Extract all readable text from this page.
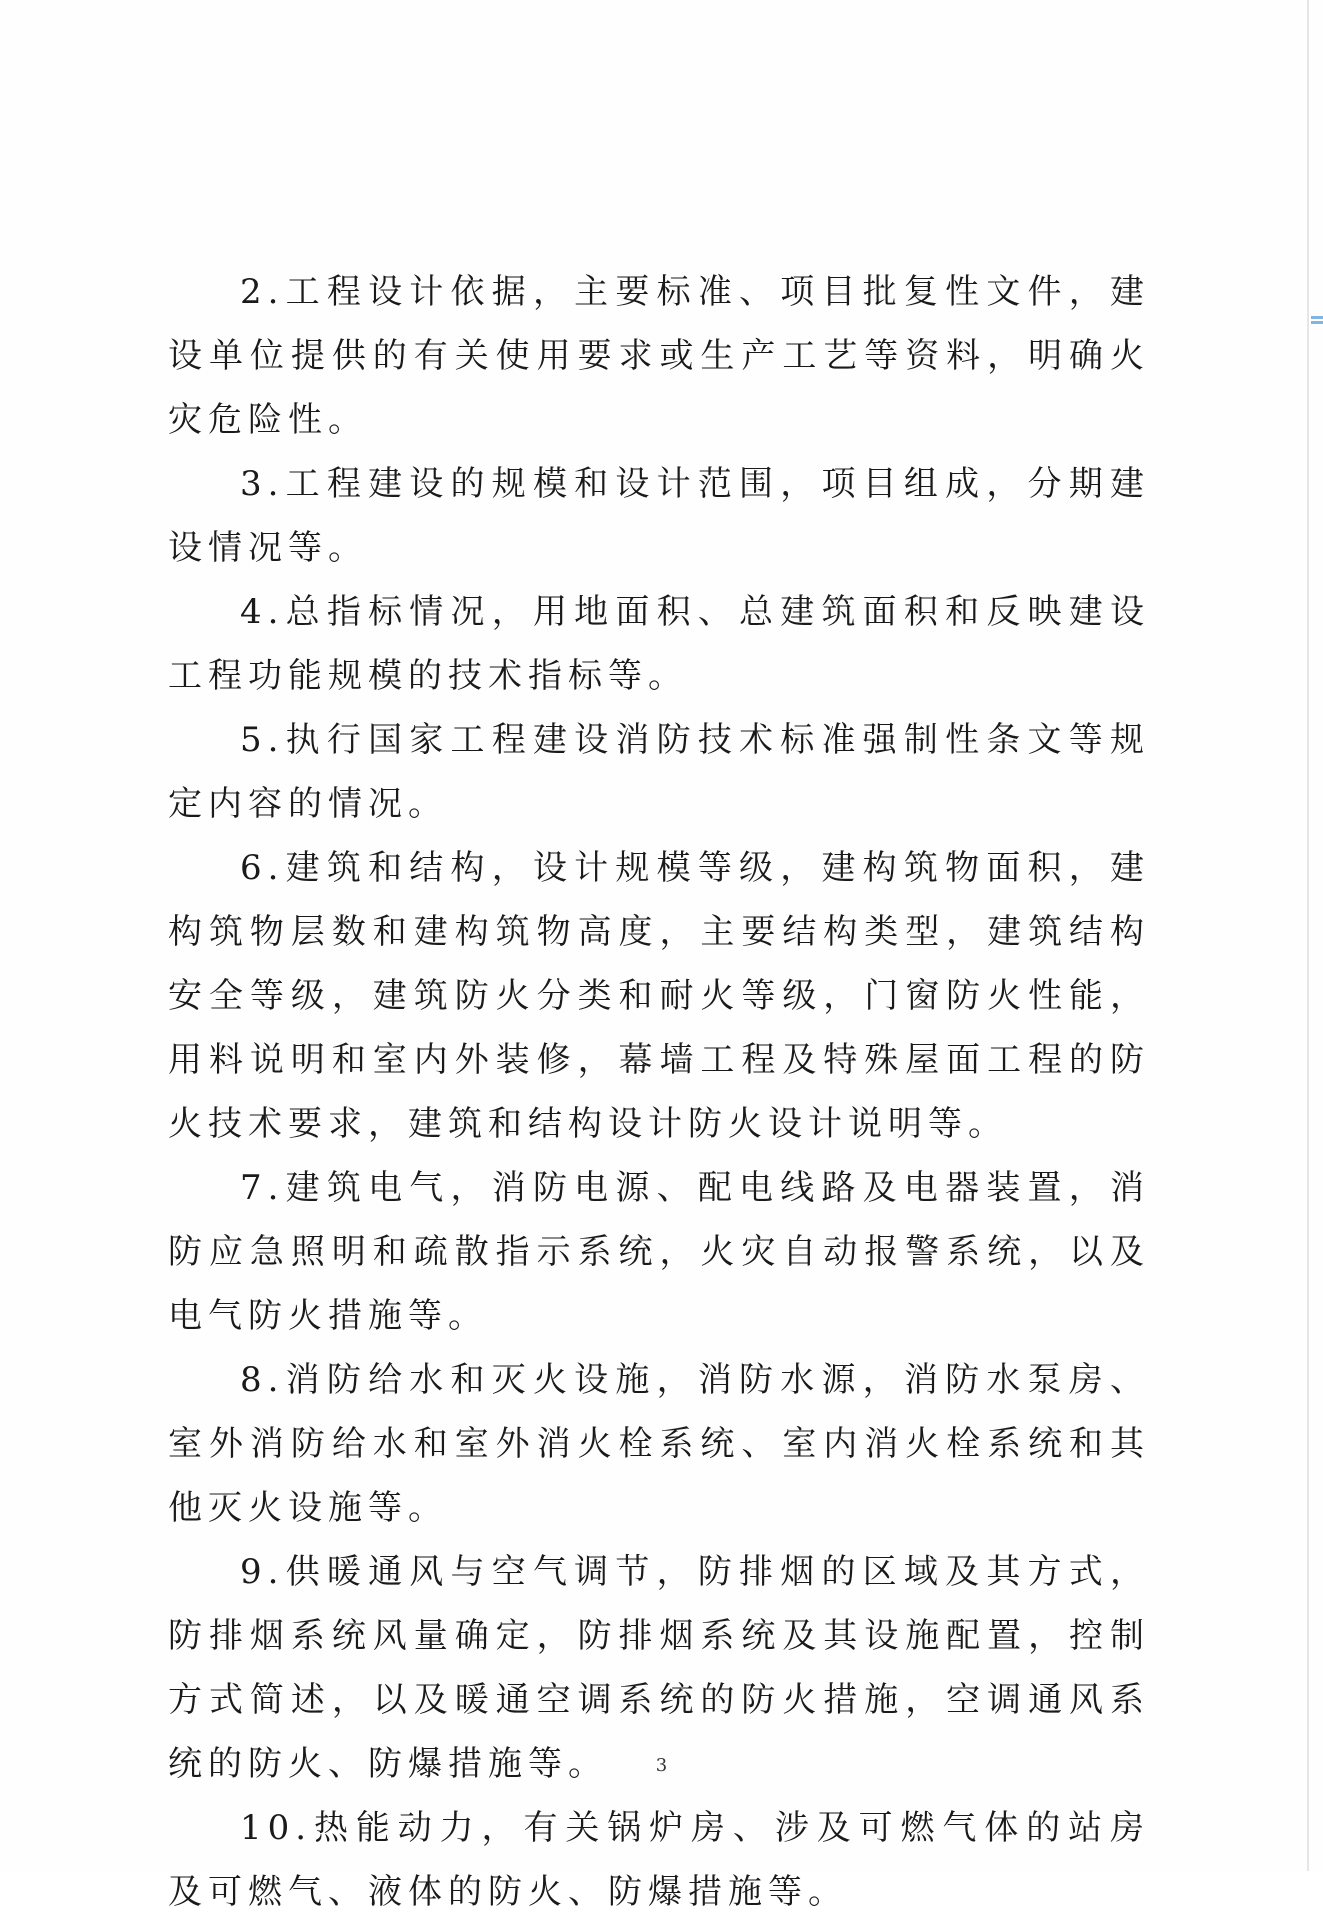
2.工程设计依据，主要标准、项目批复性文件，建设单位提供的有关使用要求或生产工艺等资料，明确火灾危险性。

3.工程建设的规模和设计范围，项目组成，分期建设情况等。

4.总指标情况，用地面积、总建筑面积和反映建设工程功能规模的技术指标等。

5.执行国家工程建设消防技术标准强制性条文等规定内容的情况。

6.建筑和结构，设计规模等级，建构筑物面积，建构筑物层数和建构筑物高度，主要结构类型，建筑结构安全等级，建筑防火分类和耐火等级，门窗防火性能，用料说明和室内外装修，幕墙工程及特殊屋面工程的防火技术要求，建筑和结构设计防火设计说明等。

7.建筑电气，消防电源、配电线路及电器装置，消防应急照明和疏散指示系统，火灾自动报警系统，以及电气防火措施等。

8.消防给水和灭火设施，消防水源，消防水泵房、室外消防给水和室外消火栓系统、室内消火栓系统和其他灭火设施等。

9.供暖通风与空气调节，防排烟的区域及其方式，防排烟系统风量确定，防排烟系统及其设施配置，控制方式简述，以及暖通空调系统的防火措施，空调通风系统的防火、防爆措施等。

10.热能动力，有关锅炉房、涉及可燃气体的站房及可燃气、液体的防火、防爆措施等。

3
